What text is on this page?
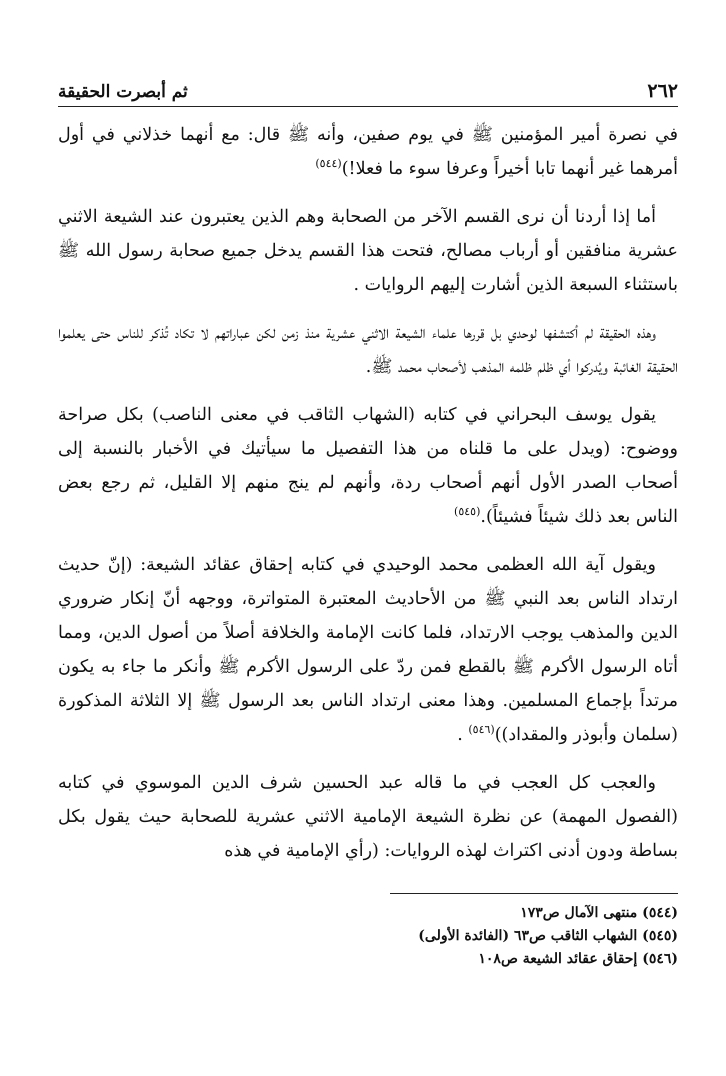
ثم أبصرت الحقيقة	٢٦٢

في نصرة أمير المؤمنين ﷺ في يوم صفين، وأنه ﷺ قال: مع أنهما خذلاني في أول أمرهما غير أنهما تابا أخيراً وعرفا سوء ما فعلا!)$^{(٥٤٤)}$

أما إذا أردنا أن نرى القسم الآخر من الصحابة وهم الذين يعتبرون عند الشيعة الاثني عشرية منافقين أو أرباب مصالح، فتحت هذا القسم يدخل جميع صحابة رسول الله ﷺ باستثناء السبعة الذين أشارت إليهم الروايات .

وهذه الحقيقة لم أكتشفها لوحدي بل قررها علماء الشيعة الاثني عشرية منذ زمن لكن عباراتهم لا تكاد تُذكر للناس حتى يعلموا الحقيقة الغائبة ويُدركوا أي ظلم ظلمه المذهب لأصحاب محمد ﷺ.

يقول يوسف البحراني في كتابه (الشهاب الثاقب في معنى الناصب) بكل صراحة ووضوح: (ويدل على ما قلناه من هذا التفصيل ما سيأتيك في الأخبار بالنسبة إلى أصحاب الصدر الأول أنهم أصحاب ردة، وأنهم لم ينج منهم إلا القليل، ثم رجع بعض الناس بعد ذلك شيئاً فشيئاً).$^{(٥٤٥)}$

ويقول آية الله العظمى محمد الوحيدي في كتابه إحقاق عقائد الشيعة: (إنّ حديث ارتداد الناس بعد النبي ﷺ من الأحاديث المعتبرة المتواترة، ووجهه أنّ إنكار ضروري الدين والمذهب يوجب الارتداد، فلما كانت الإمامة والخلافة أصلاً من أصول الدين، ومما أتاه الرسول الأكرم ﷺ بالقطع فمن ردّ على الرسول الأكرم ﷺ وأنكر ما جاء به يكون مرتداً بإجماع المسلمين. وهذا معنى ارتداد الناس بعد الرسول ﷺ إلا الثلاثة المذكورة (سلمان وأبوذر والمقداد))$^{(٥٤٦)}$ .

والعجب كل العجب في ما قاله عبد الحسين شرف الدين الموسوي في كتابه (الفصول المهمة) عن نظرة الشيعة الإمامية الاثني عشرية للصحابة حيث يقول بكل بساطة ودون أدنى اكتراث لهذه الروايات: (رأي الإمامية في هذه

(٥٤٤) منتهى الآمال ص١٧٣
(٥٤٥) الشهاب الثاقب ص٦٣ (الفائدة الأولى)
(٥٤٦) إحقاق عقائد الشيعة ص١٠٨
